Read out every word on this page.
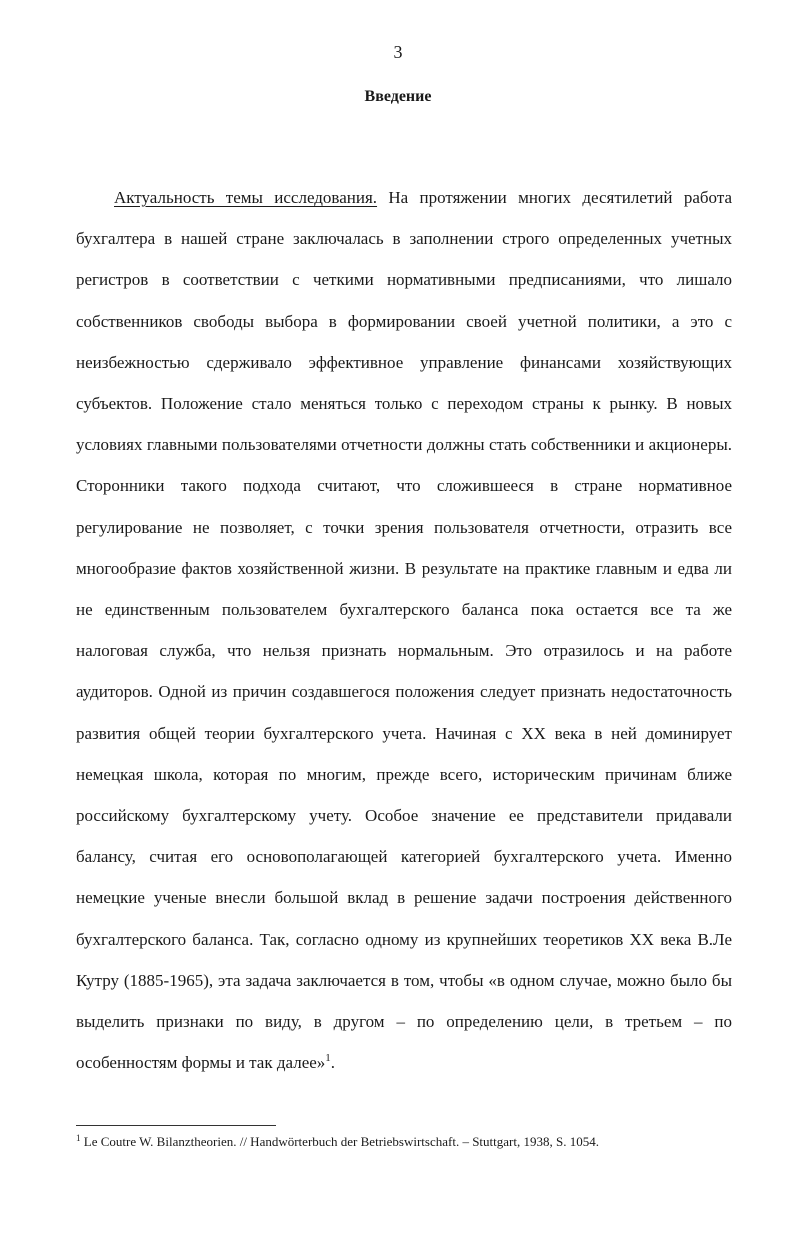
3
Введение

Актуальность темы исследования. На протяжении многих десятилетий работа бухгалтера в нашей стране заключалась в заполнении строго определенных учетных регистров в соответствии с четкими нормативными предписаниями, что лишало собственников свободы выбора в формировании своей учетной политики, а это с неизбежностью сдерживало эффективное управление финансами хозяйствующих субъектов. Положение стало меняться только с переходом страны к рынку. В новых условиях главными пользователями отчетности должны стать собственники и акционеры. Сторонники такого подхода считают, что сложившееся в стране нормативное регулирование не позволяет, с точки зрения пользователя отчетности, отразить все многообразие фактов хозяйственной жизни. В результате на практике главным и едва ли не единственным пользователем бухгалтерского баланса пока остается все та же налоговая служба, что нельзя признать нормальным. Это отразилось и на работе аудиторов. Одной из причин создавшегося положения следует признать недостаточность развития общей теории бухгалтерского учета. Начиная с XX века в ней доминирует немецкая школа, которая по многим, прежде всего, историческим причинам ближе российскому бухгалтерскому учету. Особое значение ее представители придавали балансу, считая его основополагающей категорией бухгалтерского учета. Именно немецкие ученые внесли большой вклад в решение задачи построения действенного бухгалтерского баланса. Так, согласно одному из крупнейших теоретиков XX века В.Ле Кутру (1885-1965), эта задача заключается в том, чтобы «в одном случае, можно было бы выделить признаки по виду, в другом – по определению цели, в третьем – по особенностям формы и так далее»$^1$.

$^1$ Le Coutre W. Bilanztheorien. // Handwörterbuch der Betriebswirtschaft. – Stuttgart, 1938, S. 1054.
